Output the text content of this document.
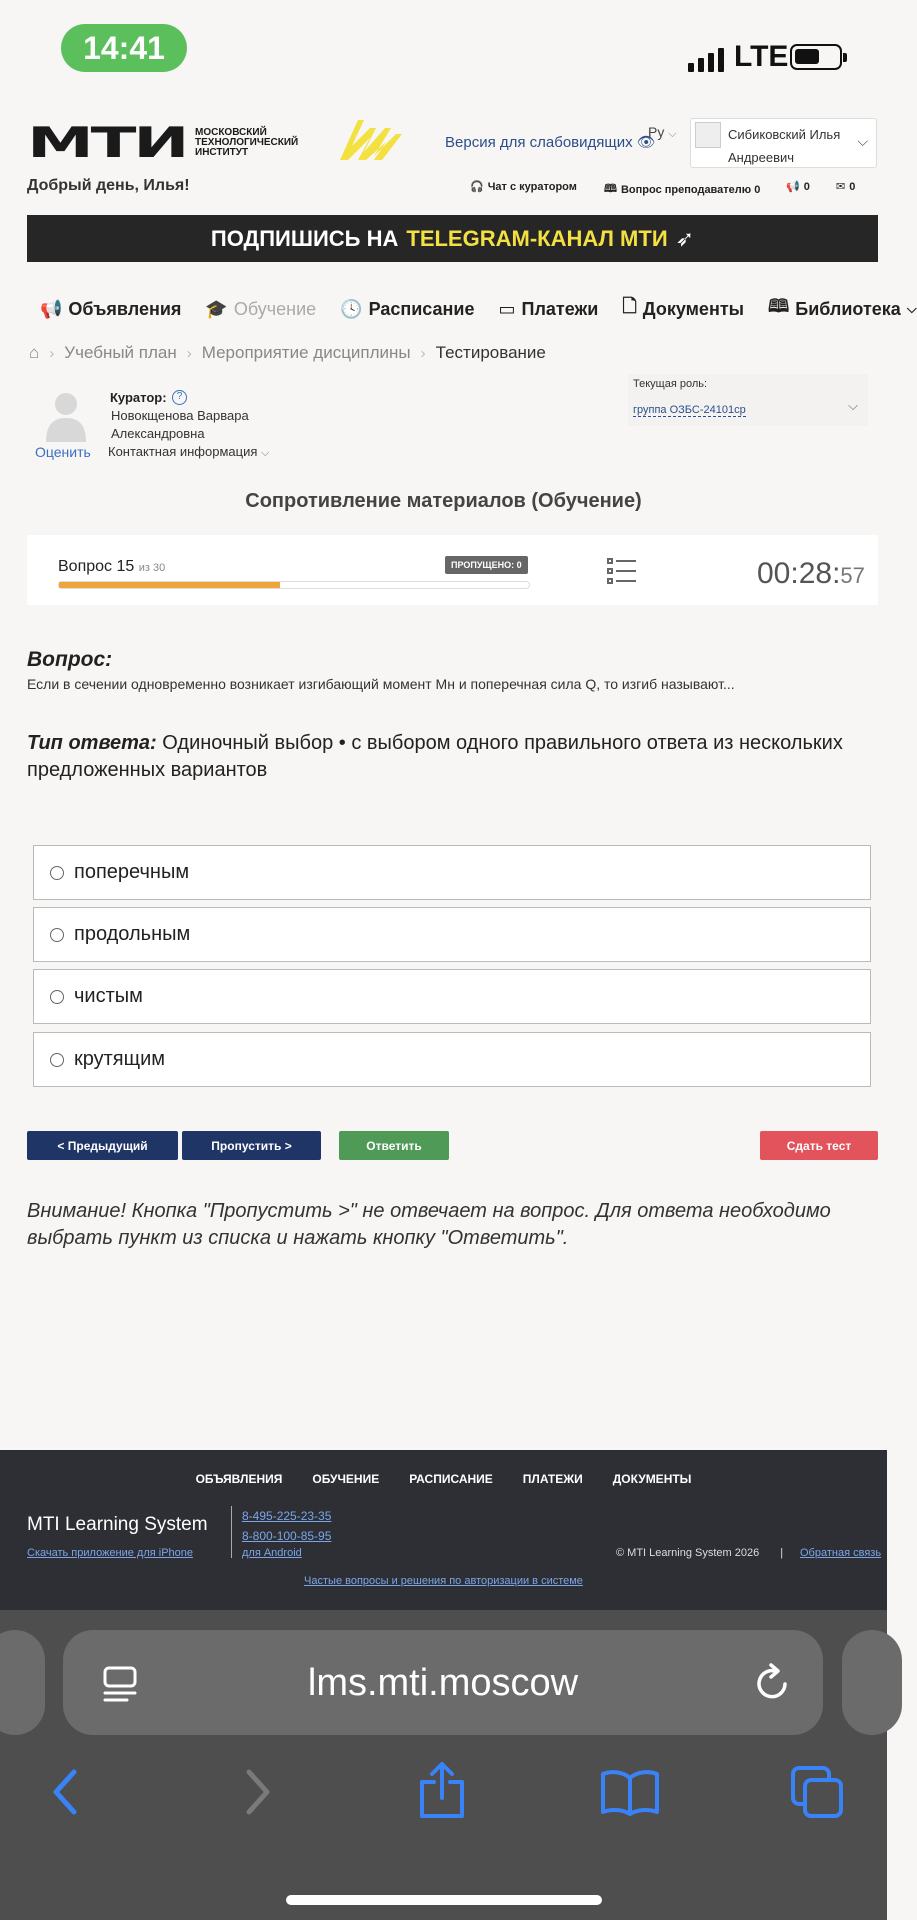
14:41	LTE
МТИ МОСКОВСКИЙ ТЕХНОЛОГИЧЕСКИЙ ИНСТИТУТ
Версия для слабовидящих 👁
Ру ⌵	Сибиковский Илья Андреевич
⌵
Добрый день, Илья!	🎧 Чат с куратором 🕮 Вопрос преподавателю 0 📢 0 ✉ 0
ПОДПИШИСЬ НА TELEGRAM-КАНАЛ МТИ ➶
📢 Объявления 🎓 Обучение 🕓 Расписание ▭ Платежи 🗋 Документы 🕮 Библиотека ⌵
⌂ › Учебный план › Мероприятие дисциплины › Тестирование
Оценить
Куратор:	?
Новокщенова Варвара Александровна
Контактная информация ⌵
Текущая роль:
группа ОЗБС-24101ср	⌵
Сопротивление материалов (Обучение)
Вопрос 15 из 30	ПРОПУЩЕНО: 0	00:28:57
Вопрос:
Если в сечении одновременно возникает изгибающий момент Мн и поперечная сила Q, то изгиб называют...
Тип ответа: Одиночный выбор • с выбором одного правильного ответа из нескольких предложенных вариантов
поперечным
продольным
чистым
крутящим
< Предыдущий	Пропустить >	Ответить	Сдать тест
Внимание! Кнопка "Пропустить >" не отвечает на вопрос. Для ответа необходимо выбрать пункт из списка и нажать кнопку "Ответить".
ОБЪЯВЛЕНИЯ	ОБУЧЕНИЕ	РАСПИСАНИЕ	ПЛАТЕЖИ	ДОКУМЕНТЫ
MTI Learning System
Скачать приложение для iPhone
8-495-225-23-35
8-800-100-85-95
для Android	© MTI Learning System 2026 |	Обратная связь
Частые вопросы и решения по авторизации в системе
lms.mti.moscow
